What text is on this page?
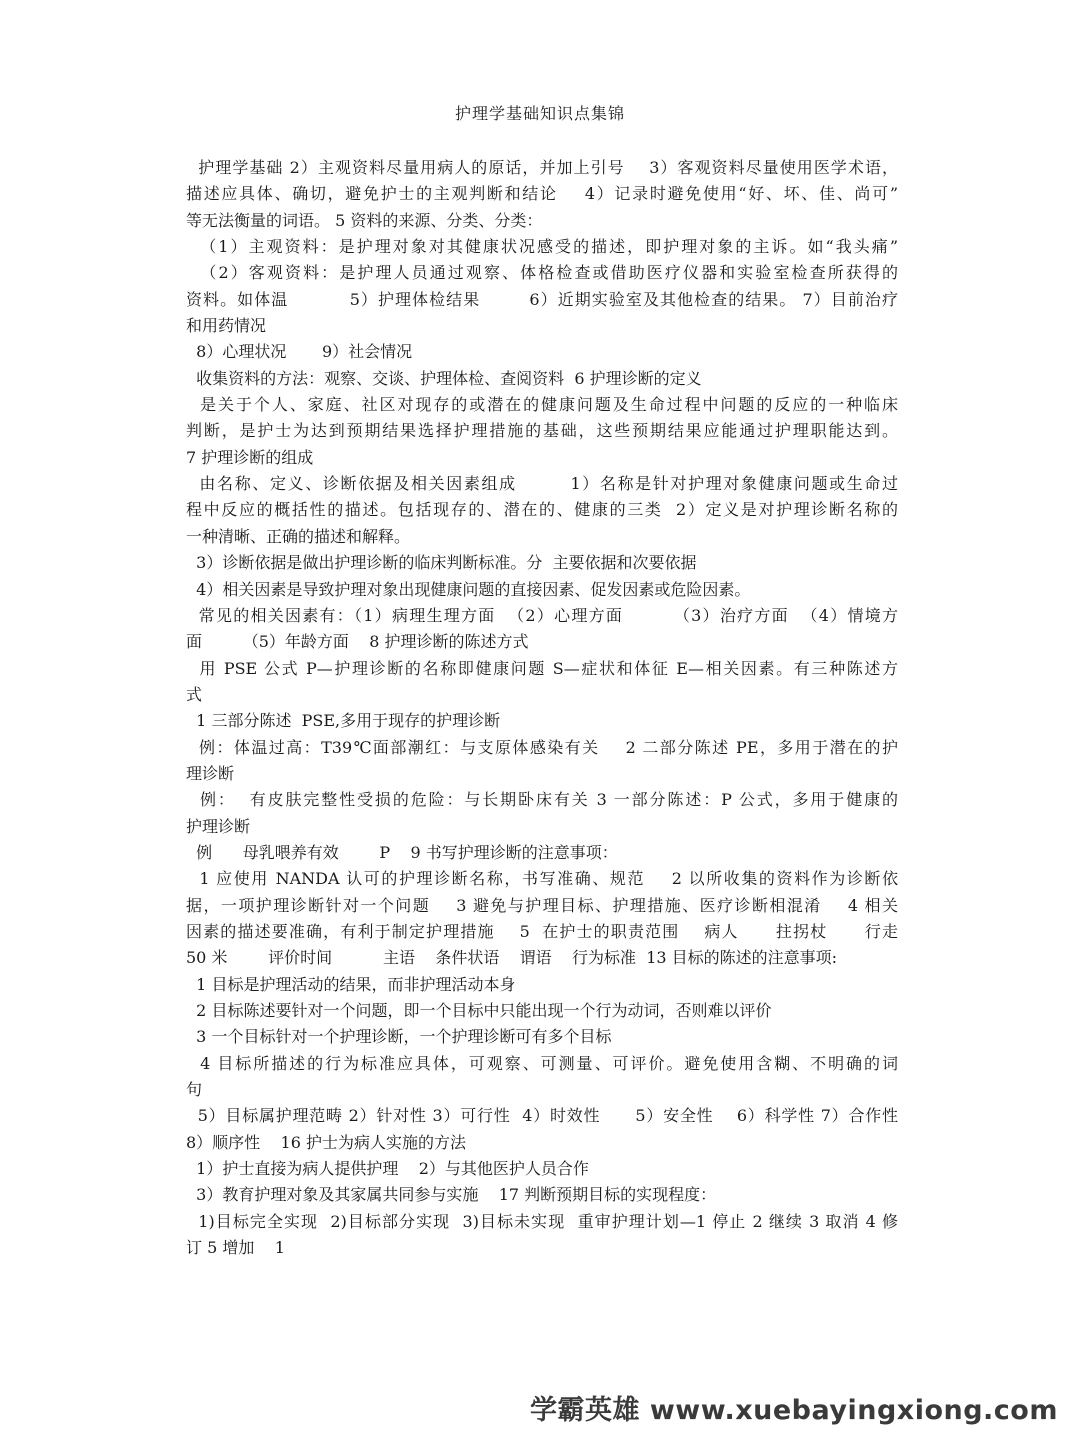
护理学基础知识点集锦
护理学基础 2）主观资料尽量用病人的原话，并加上引号    3）客观资料尽量使用医学术语，
描述应具体、确切，避免护士的主观判断和结论    4）记录时避免使用“好、坏、佳、尚可”
等无法衡量的词语。 5 资料的来源、分类、分类：
（1）主观资料：是护理对象对其健康状况感受的描述，即护理对象的主诉。如“我头痛”
（2）客观资料：是护理人员通过观察、体格检查或借助医疗仪器和实验室检查所获得的
资料。如体温          5）护理体检结果        6）近期实验室及其他检查的结果。 7）目前治疗
和用药情况
8）心理状况       9）社会情况
收集资料的方法：观察、交谈、护理体检、查阅资料  6 护理诊断的定义
是关于个人、家庭、社区对现存的或潜在的健康问题及生命过程中问题的反应的一种临床
判断，是护士为达到预期结果选择护理措施的基础，这些预期结果应能通过护理职能达到。
7 护理诊断的组成
由名称、定义、诊断依据及相关因素组成        1）名称是针对护理对象健康问题或生命过
程中反应的概括性的描述。包括现存的、潜在的、健康的三类  2）定义是对护理诊断名称的
一种清晰、正确的描述和解释。
3）诊断依据是做出护理诊断的临床判断标准。分  主要依据和次要依据
4）相关因素是导致护理对象出现健康问题的直接因素、促发因素或危险因素。
常见的相关因素有：（1）病理生理方面  （2）心理方面        （3）治疗方面  （4）情境方
面        （5）年龄方面    8 护理诊断的陈述方式
用 PSE 公式 P—护理诊断的名称即健康问题 S—症状和体征 E—相关因素。有三种陈述方
式
1 三部分陈述  PSE,多用于现存的护理诊断
例：体温过高：T39℃面部潮红：与支原体感染有关    2 二部分陈述 PE，多用于潜在的护
理诊断
例：  有皮肤完整性受损的危险：与长期卧床有关 3 一部分陈述：P 公式，多用于健康的
护理诊断
例      母乳喂养有效        P    9 书写护理诊断的注意事项：
1 应使用 NANDA 认可的护理诊断名称，书写准确、规范    2 以所收集的资料作为诊断依
据，一项护理诊断针对一个问题    3 避免与护理目标、护理措施、医疗诊断相混淆    4 相关
因素的描述要准确，有利于制定护理措施    5  在护士的职责范围    病人      拄拐杖      行走
50 米        评价时间          主语    条件状语    谓语    行为标准  13 目标的陈述的注意事项:
1 目标是护理活动的结果，而非护理活动本身
2 目标陈述要针对一个问题，即一个目标中只能出现一个行为动词，否则难以评价
3 一个目标针对一个护理诊断，一个护理诊断可有多个目标
4 目标所描述的行为标准应具体，可观察、可测量、可评价。避免使用含糊、不明确的词
句
5）目标属护理范畴 2）针对性 3）可行性  4）时效性      5）安全性    6）科学性 7）合作性
8）顺序性    16 护士为病人实施的方法
1）护士直接为病人提供护理    2）与其他医护人员合作
3）教育护理对象及其家属共同参与实施    17 判断预期目标的实现程度：
1)目标完全实现  2)目标部分实现  3)目标未实现  重审护理计划—1 停止 2 继续 3 取消 4 修
订 5 增加    1
学霸英雄 www.xuebayingxiong.com
